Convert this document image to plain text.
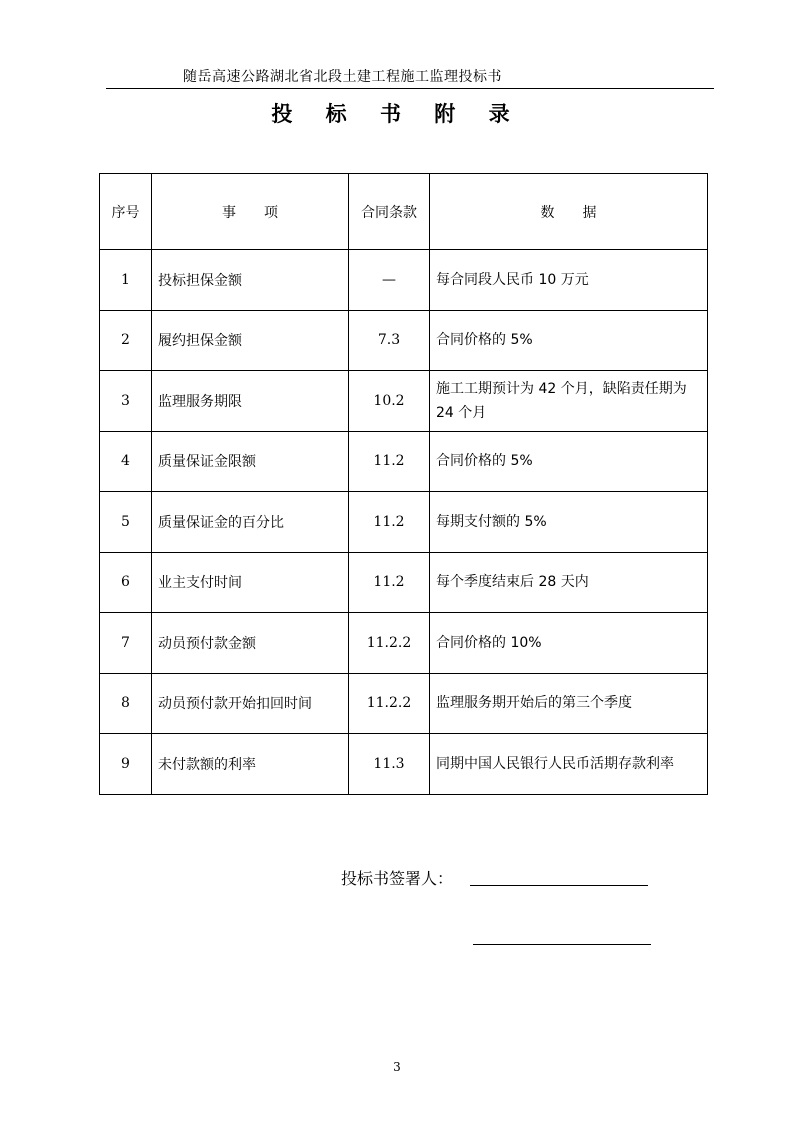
随岳高速公路湖北省北段土建工程施工监理投标书
投 标 书 附 录
序号	事　　项	合同条款	数　　据
1	投标担保金额	—	每合同段人民币 10 万元
2	履约担保金额	7.3	合同价格的 5%
3	监理服务期限	10.2	施工工期预计为 42 个月，缺陷责任期为 24 个月
4	质量保证金限额	11.2	合同价格的 5%
5	质量保证金的百分比	11.2	每期支付额的 5%
6	业主支付时间	11.2	每个季度结束后 28 天内
7	动员预付款金额	11.2.2	合同价格的 10%
8	动员预付款开始扣回时间	11.2.2	监理服务期开始后的第三个季度
9	未付款额的利率	11.3	同期中国人民银行人民币活期存款利率
投标书签署人：
3
